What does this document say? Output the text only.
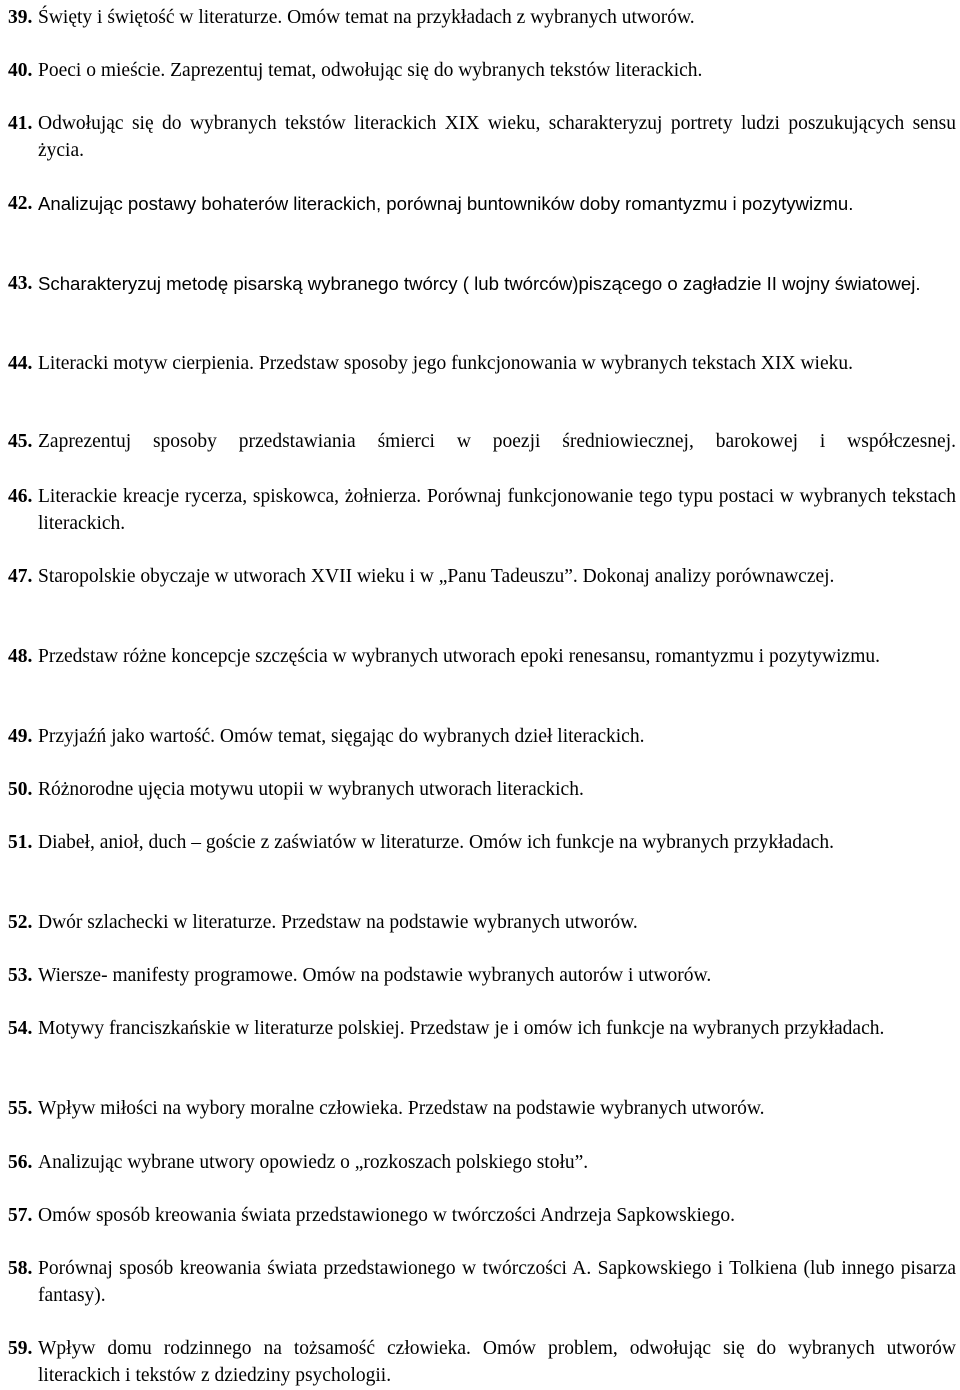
39. Święty i świętość w literaturze. Omów temat na przykładach z wybranych utworów.
40. Poeci o mieście. Zaprezentuj temat, odwołując się do wybranych tekstów literackich.
41. Odwołując się do wybranych tekstów literackich XIX wieku, scharakteryzuj portrety ludzi poszukujących sensu życia.
42. Analizując postawy bohaterów literackich, porównaj buntowników doby romantyzmu i pozytywizmu.
43. Scharakteryzuj metodę pisarską wybranego twórcy ( lub twórców)piszącego o zagładzie II wojny światowej.
44. Literacki motyw cierpienia. Przedstaw sposoby jego funkcjonowania w wybranych tekstach XIX wieku.
45. Zaprezentuj sposoby przedstawiania śmierci w poezji średniowiecznej, barokowej i współczesnej.
46. Literackie kreacje rycerza, spiskowca, żołnierza. Porównaj funkcjonowanie tego typu postaci w wybranych tekstach literackich.
47. Staropolskie obyczaje w utworach XVII wieku i w „Panu Tadeuszu”. Dokonaj analizy porównawczej.
48. Przedstaw różne koncepcje szczęścia w wybranych utworach epoki renesansu, romantyzmu i pozytywizmu.
49. Przyjaźń jako wartość. Omów temat, sięgając do wybranych dzieł literackich.
50. Różnorodne ujęcia motywu utopii w wybranych utworach literackich.
51. Diabeł, anioł, duch – goście z zaświatów w literaturze. Omów ich funkcje na wybranych przykładach.
52. Dwór szlachecki w literaturze. Przedstaw na podstawie wybranych utworów.
53. Wiersze- manifesty programowe. Omów na podstawie wybranych autorów i utworów.
54. Motywy franciszkańskie w literaturze polskiej. Przedstaw je i omów ich funkcje na wybranych przykładach.
55. Wpływ miłości na wybory moralne człowieka. Przedstaw na podstawie wybranych utworów.
56. Analizując wybrane utwory opowiedz o „rozkoszach polskiego stołu”.
57. Omów sposób kreowania świata przedstawionego w twórczości Andrzeja Sapkowskiego.
58. Porównaj sposób kreowania świata przedstawionego w twórczości A. Sapkowskiego i Tolkiena (lub innego pisarza fantasy).
59. Wpływ domu rodzinnego na tożsamość człowieka. Omów problem, odwołując się do wybranych utworów literackich i tekstów z dziedziny psychologii.
